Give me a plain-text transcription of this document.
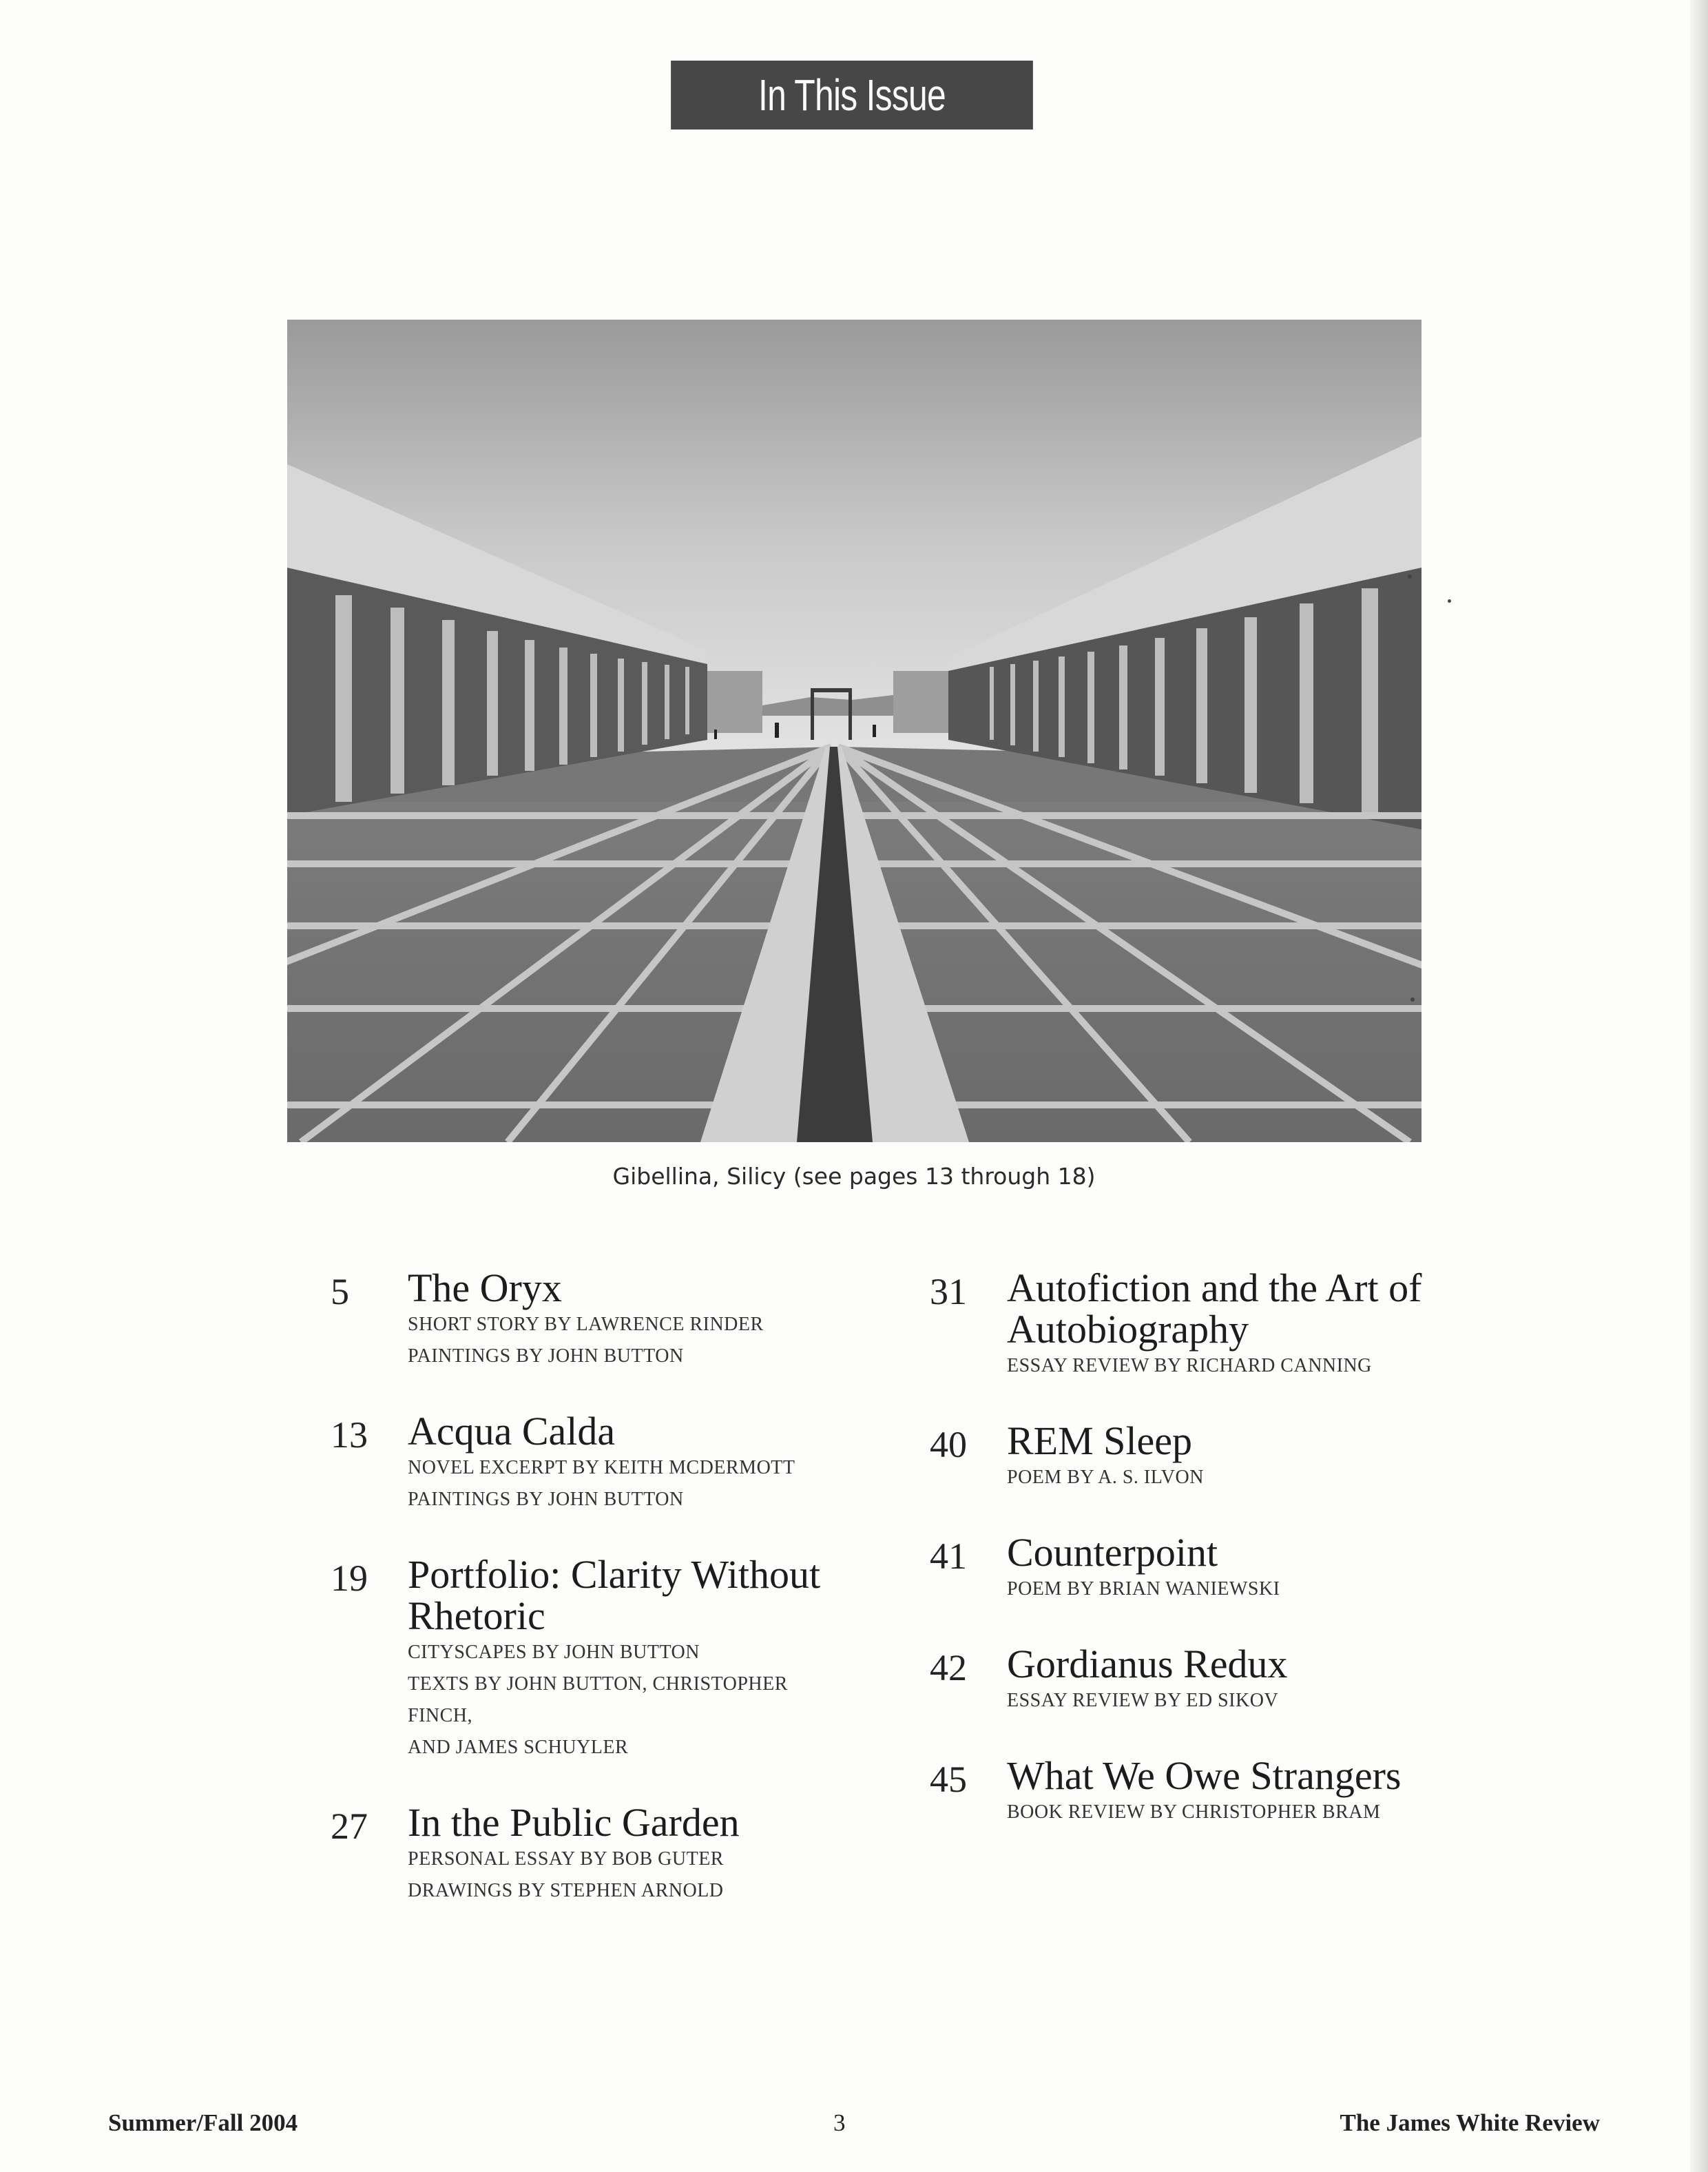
In This Issue
Gibellina, Silicy (see pages 13 through 18)
5	The Oryx
SHORT STORY BY LAWRENCE RINDER
PAINTINGS BY JOHN BUTTON
13	Acqua Calda
NOVEL EXCERPT BY KEITH MCDERMOTT
PAINTINGS BY JOHN BUTTON
19	Portfolio: Clarity Without Rhetoric
CITYSCAPES BY JOHN BUTTON
TEXTS BY JOHN BUTTON, CHRISTOPHER FINCH,
AND JAMES SCHUYLER
27	In the Public Garden
PERSONAL ESSAY BY BOB GUTER
DRAWINGS BY STEPHEN ARNOLD
31	Autofiction and the Art of Autobiography
ESSAY REVIEW BY RICHARD CANNING
40	REM Sleep
POEM BY A. S. ILVON
41	Counterpoint
POEM BY BRIAN WANIEWSKI
42	Gordianus Redux
ESSAY REVIEW BY ED SIKOV
45	What We Owe Strangers
BOOK REVIEW BY CHRISTOPHER BRAM
Summer/Fall 2004	3	The James White Review
